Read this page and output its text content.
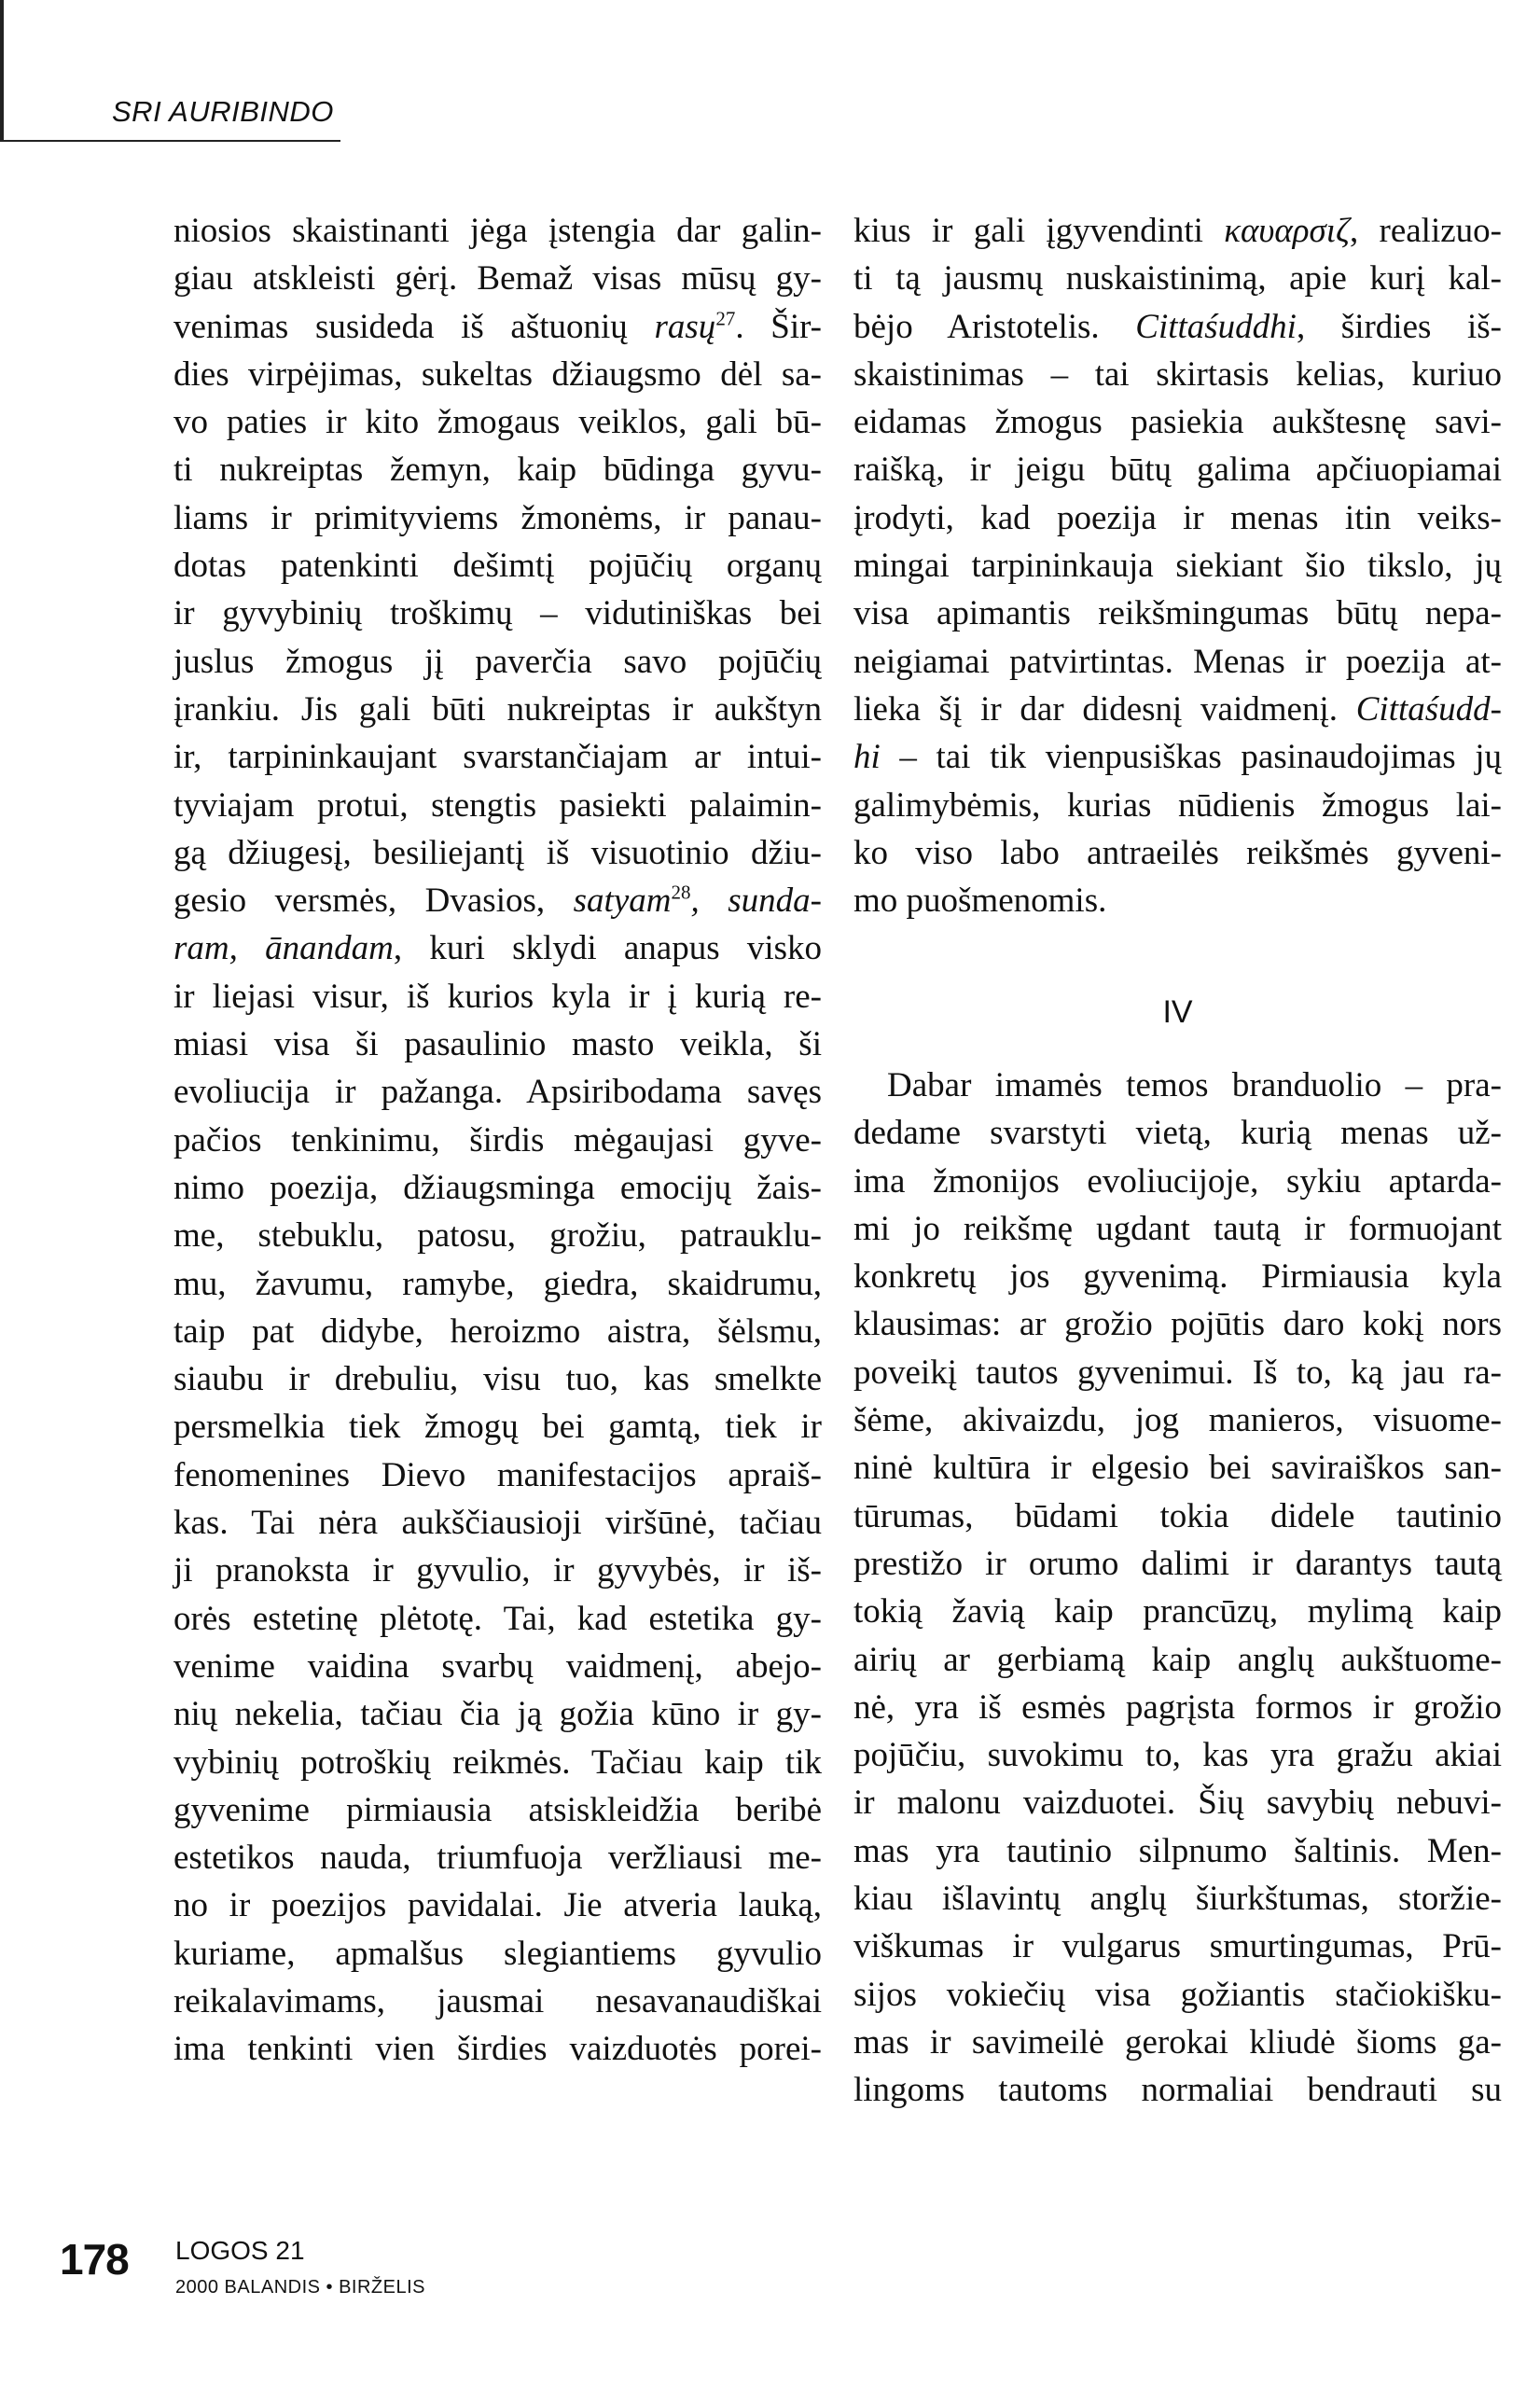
SRI AURIBINDO
niosios skaistinanti jėga įstengia dar galin-
giau atskleisti gėrį. Bemaž visas mūsų gy-
venimas susideda iš aštuonių rasų$^{27}$. Šir-
dies virpėjimas, sukeltas džiaugsmo dėl sa-
vo paties ir kito žmogaus veiklos, gali bū-
ti nukreiptas žemyn, kaip būdinga gyvu-
liams ir primityviems žmonėms, ir panau-
dotas patenkinti dešimtį pojūčių organų
ir gyvybinių troškimų – vidutiniškas bei
juslus žmogus jį paverčia savo pojūčių
įrankiu. Jis gali būti nukreiptas ir aukštyn
ir, tarpininkaujant svarstančiajam ar intui-
tyviajam protui, stengtis pasiekti palaimin-
gą džiugesį, besiliejantį iš visuotinio džiu-
gesio versmės, Dvasios, satyam$^{28}$, sunda-
ram, ānandam, kuri sklydi anapus visko
ir liejasi visur, iš kurios kyla ir į kurią re-
miasi visa ši pasaulinio masto veikla, ši
evoliucija ir pažanga. Apsiribodama savęs
pačios tenkinimu, širdis mėgaujasi gyve-
nimo poezija, džiaugsminga emocijų žais-
me, stebuklu, patosu, grožiu, patrauklu-
mu, žavumu, ramybe, giedra, skaidrumu,
taip pat didybe, heroizmo aistra, šėlsmu,
siaubu ir drebuliu, visu tuo, kas smelkte
persmelkia tiek žmogų bei gamtą, tiek ir
fenomenines Dievo manifestacijos apraiš-
kas. Tai nėra aukščiausioji viršūnė, tačiau
ji pranoksta ir gyvulio, ir gyvybės, ir iš-
orės estetinę plėtotę. Tai, kad estetika gy-
venime vaidina svarbų vaidmenį, abejo-
nių nekelia, tačiau čia ją gožia kūno ir gy-
vybinių potroškių reikmės. Tačiau kaip tik
gyvenime pirmiausia atsiskleidžia beribė
estetikos nauda, triumfuoja veržliausi me-
no ir poezijos pavidalai. Jie atveria lauką,
kuriame, apmalšus slegiantiems gyvulio
reikalavimams, jausmai nesavanaudiškai
ima tenkinti vien širdies vaizduotės porei-
kius ir gali įgyvendinti καυαρσιζ, realizuo-
ti tą jausmų nuskaistinimą, apie kurį kal-
bėjo Aristotelis. Cittaśuddhi, širdies iš-
skaistinimas – tai skirtasis kelias, kuriuo
eidamas žmogus pasiekia aukštesnę savi-
raišką, ir jeigu būtų galima apčiuopiamai
įrodyti, kad poezija ir menas itin veiks-
mingai tarpininkauja siekiant šio tikslo, jų
visa apimantis reikšmingumas būtų nepa-
neigiamai patvirtintas. Menas ir poezija at-
lieka šį ir dar didesnį vaidmenį. Cittaśudd-
hi – tai tik vienpusiškas pasinaudojimas jų
galimybėmis, kurias nūdienis žmogus lai-
ko viso labo antraeilės reikšmės gyveni-
mo puošmenomis.
IV
Dabar imamės temos branduolio – pra-
dedame svarstyti vietą, kurią menas už-
ima žmonijos evoliucijoje, sykiu aptarda-
mi jo reikšmę ugdant tautą ir formuojant
konkretų jos gyvenimą. Pirmiausia kyla
klausimas: ar grožio pojūtis daro kokį nors
poveikį tautos gyvenimui. Iš to, ką jau ra-
šėme, akivaizdu, jog manieros, visuome-
ninė kultūra ir elgesio bei saviraiškos san-
tūrumas, būdami tokia didele tautinio
prestižo ir orumo dalimi ir darantys tautą
tokią žavią kaip prancūzų, mylimą kaip
airių ar gerbiamą kaip anglų aukštuome-
nė, yra iš esmės pagrįsta formos ir grožio
pojūčiu, suvokimu to, kas yra gražu akiai
ir malonu vaizduotei. Šių savybių nebuvi-
mas yra tautinio silpnumo šaltinis. Men-
kiau išlavintų anglų šiurkštumas, storžie-
viškumas ir vulgarus smurtingumas, Prū-
sijos vokiečių visa gožiantis stačiokišku-
mas ir savimeilė gerokai kliudė šioms ga-
lingoms tautoms normaliai bendrauti su
178 LOGOS 21
2000 BALANDIS • BIRŽELIS
